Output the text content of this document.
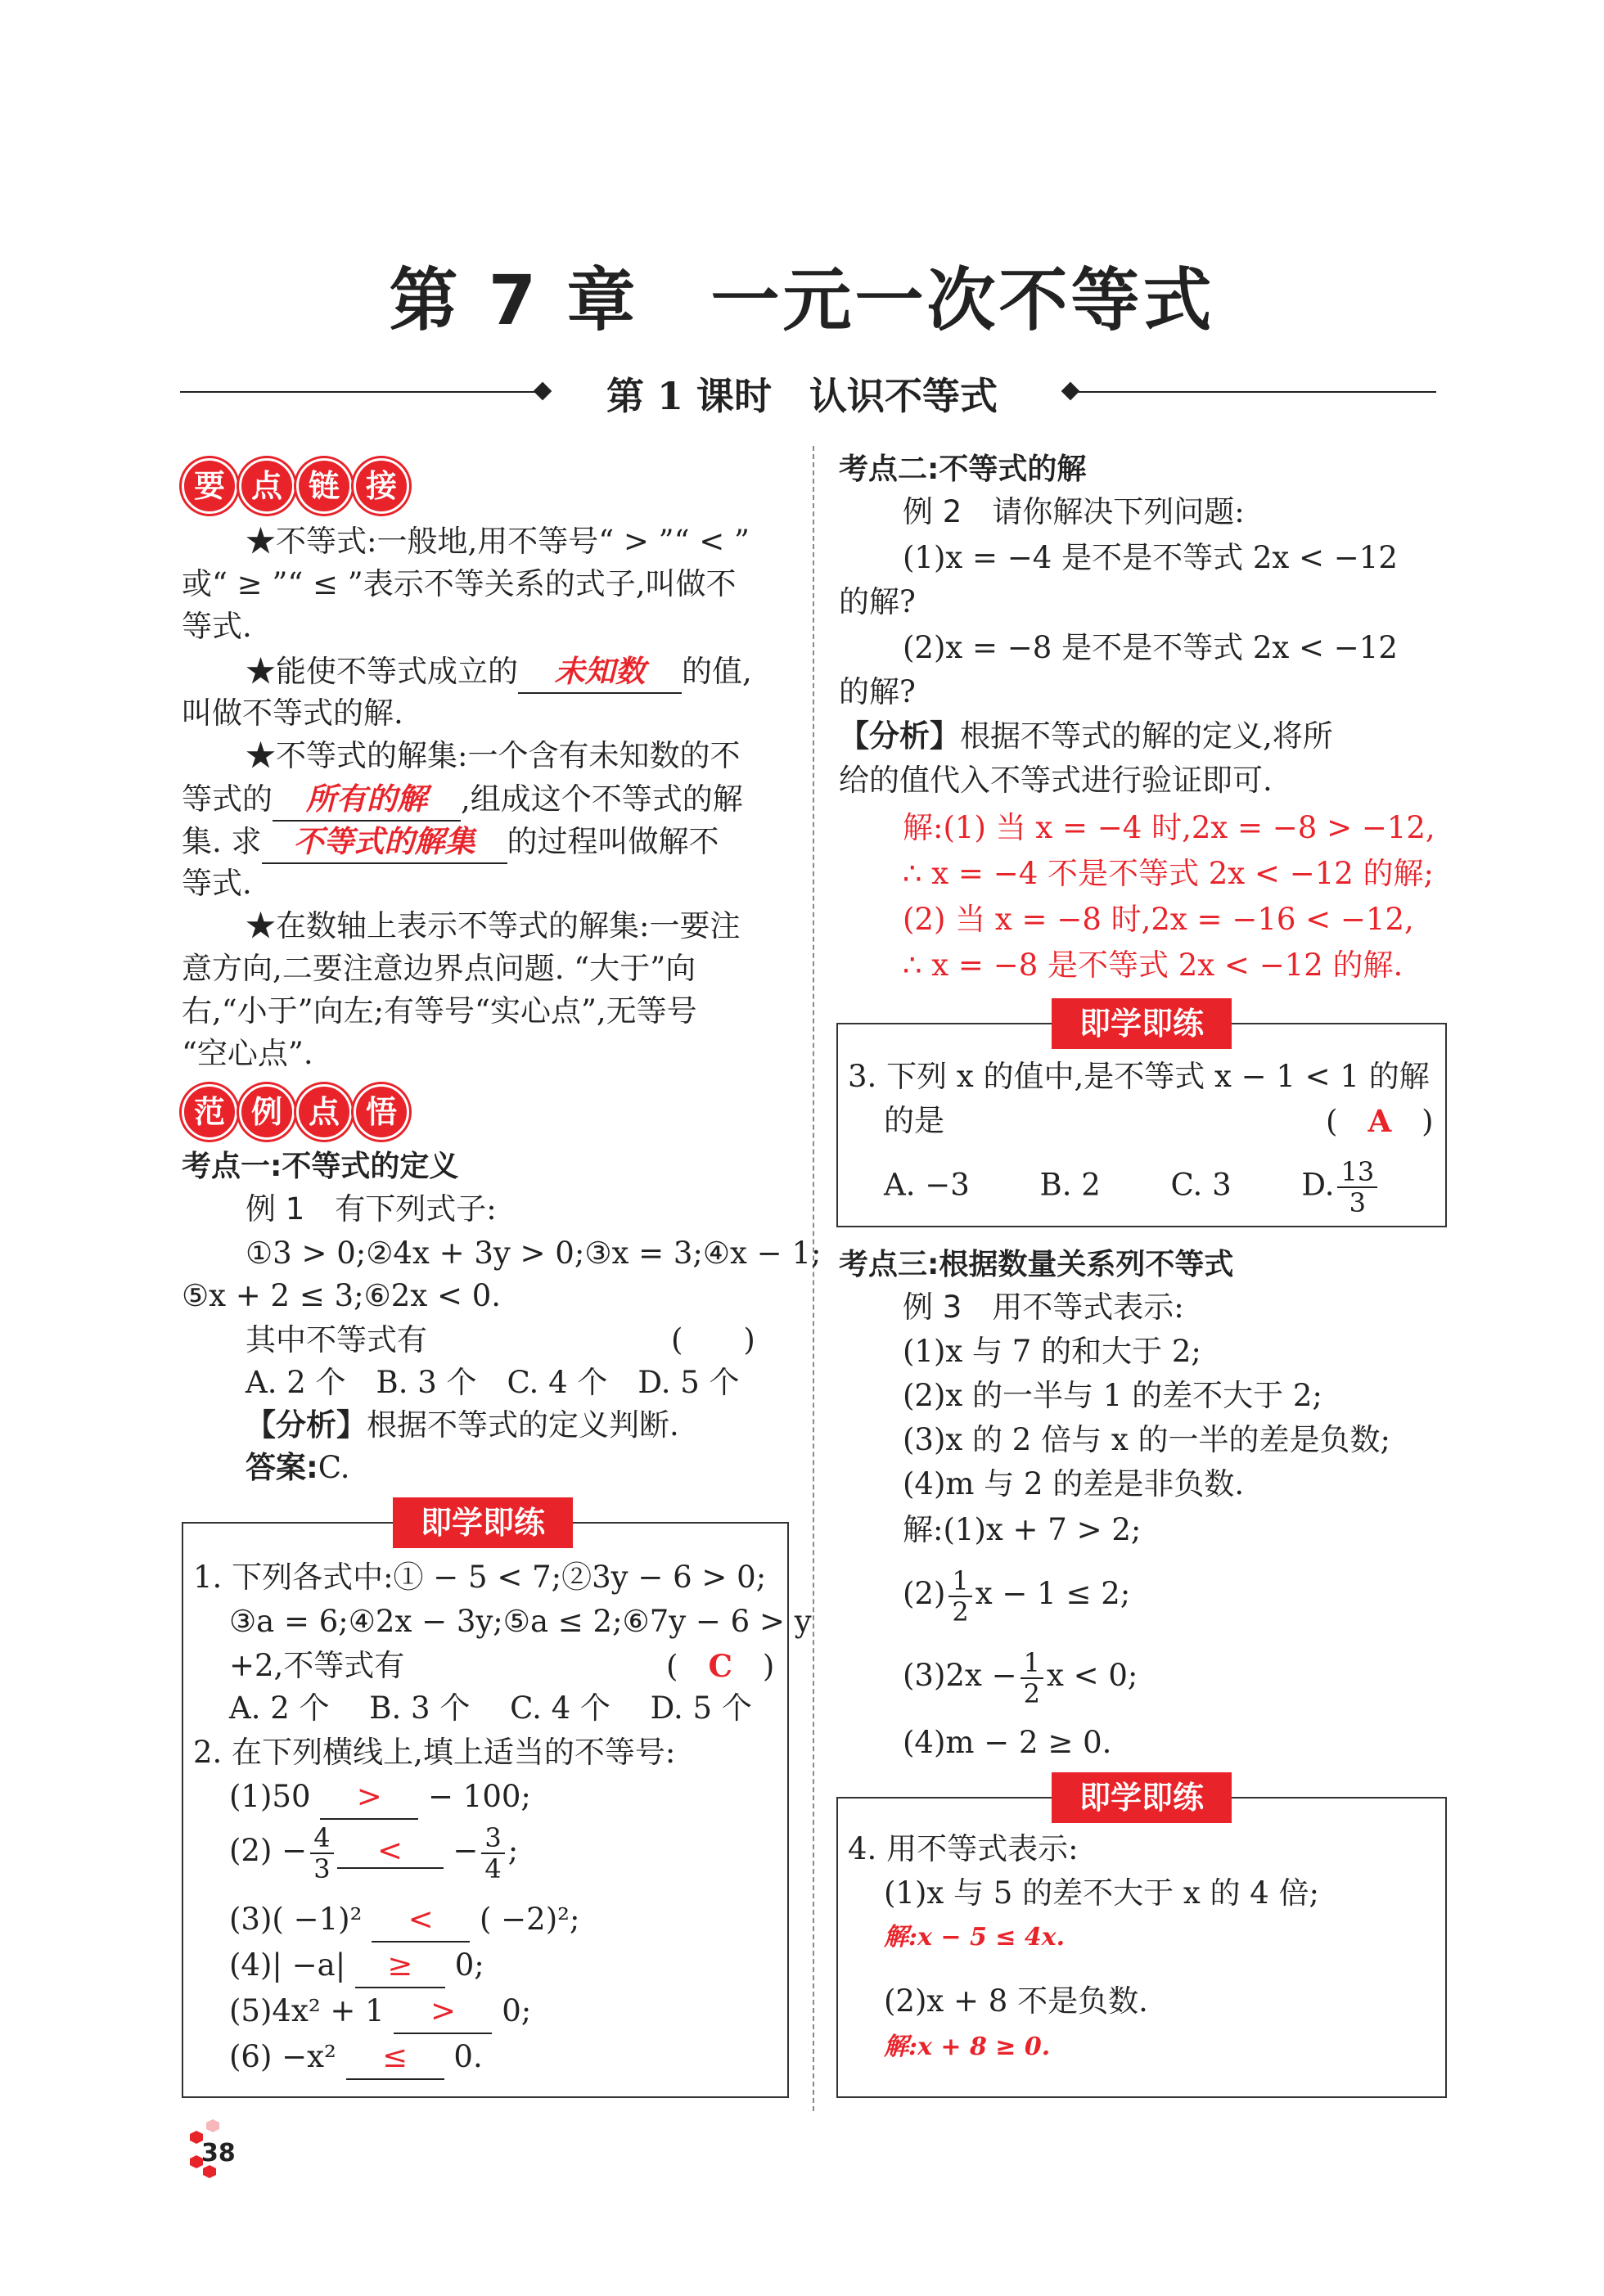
第 7 章　一元一次不等式
第 1 课时　认识不等式
要 点 链 接
★不等式:一般地,用不等号“ > ”“ < ”
或“ ≥ ”“ ≤ ”表示不等关系的式子,叫做不
等式.
★能使不等式成立的 未知数 的值,
叫做不等式的解.
★不等式的解集:一个含有未知数的不
等式的 所有的解 ,组成这个不等式的解
集. 求 不等式的解集 的过程叫做解不
等式.
★在数轴上表示不等式的解集:一要注
意方向,二要注意边界点问题. “大于”向
右,“小于”向左;有等号“实心点”,无等号
“空心点”.
范 例 点 悟
考点一:不等式的定义
例 1　 有下列式子:
①3 > 0;②4x + 3y > 0;③x = 3;④x − 1;
⑤x + 2 ≤ 3;⑥2x < 0.
其中不等式有	(　　)
A. 2 个　B. 3 个　C. 4 个　D. 5 个
【分析】根据不等式的定义判断.
答案:C.
即学即练
1. 下列各式中:① − 5 < 7;②3y − 6 > 0;
③a = 6;④2x − 3y;⑤a ≤ 2;⑥7y − 6 > y
+2,不等式有	(　C　)
A. 2 个　 B. 3 个　 C. 4 个　 D. 5 个
2. 在下列横线上,填上适当的不等号:
(1)50 > − 100;
$(2) - \frac{4}{3}$ < − $\frac{3}{4}$ ;
(3)( −1)² < ( −2)²;
(4)| −a| ≥ 0;
(5)4x² + 1 > 0;
(6) −x² ≤ 0.
考点二:不等式的解
例 2　 请你解决下列问题:
(1)x = −4 是不是不等式 2x < −12
的解?
(2)x = −8 是不是不等式 2x < −12
的解?
【分析】根据不等式的解的定义,将所
给的值代入不等式进行验证即可.
解:(1) 当 x = −4 时,2x = −8 > −12,
∴ x = −4 不是不等式 2x < −12 的解;
(2) 当 x = −8 时,2x = −16 < −12,
∴ x = −8 是不等式 2x < −12 的解.
即学即练
3. 下列 x 的值中,是不等式 x − 1 < 1 的解
的是	(　A　)
A. −3　　 B. 2　　 C. 3　　 D. $\frac{13}{3}$
考点三:根据数量关系列不等式
例 3　 用不等式表示:
(1)x 与 7 的和大于 2;
(2)x 的一半与 1 的差不大于 2;
(3)x 的 2 倍与 x 的一半的差是负数;
(4)m 与 2 的差是非负数.
解:(1)x + 7 > 2;
$(2) \frac{1}{2}$ x − 1 ≤ 2;
$(3)2x - \frac{1}{2}$ x < 0;
(4)m − 2 ≥ 0.
即学即练
4. 用不等式表示:
(1)x 与 5 的差不大于 x 的 4 倍;
解:x − 5 ≤ 4x.
(2)x + 8 不是负数.
解:x + 8 ≥ 0.
38
